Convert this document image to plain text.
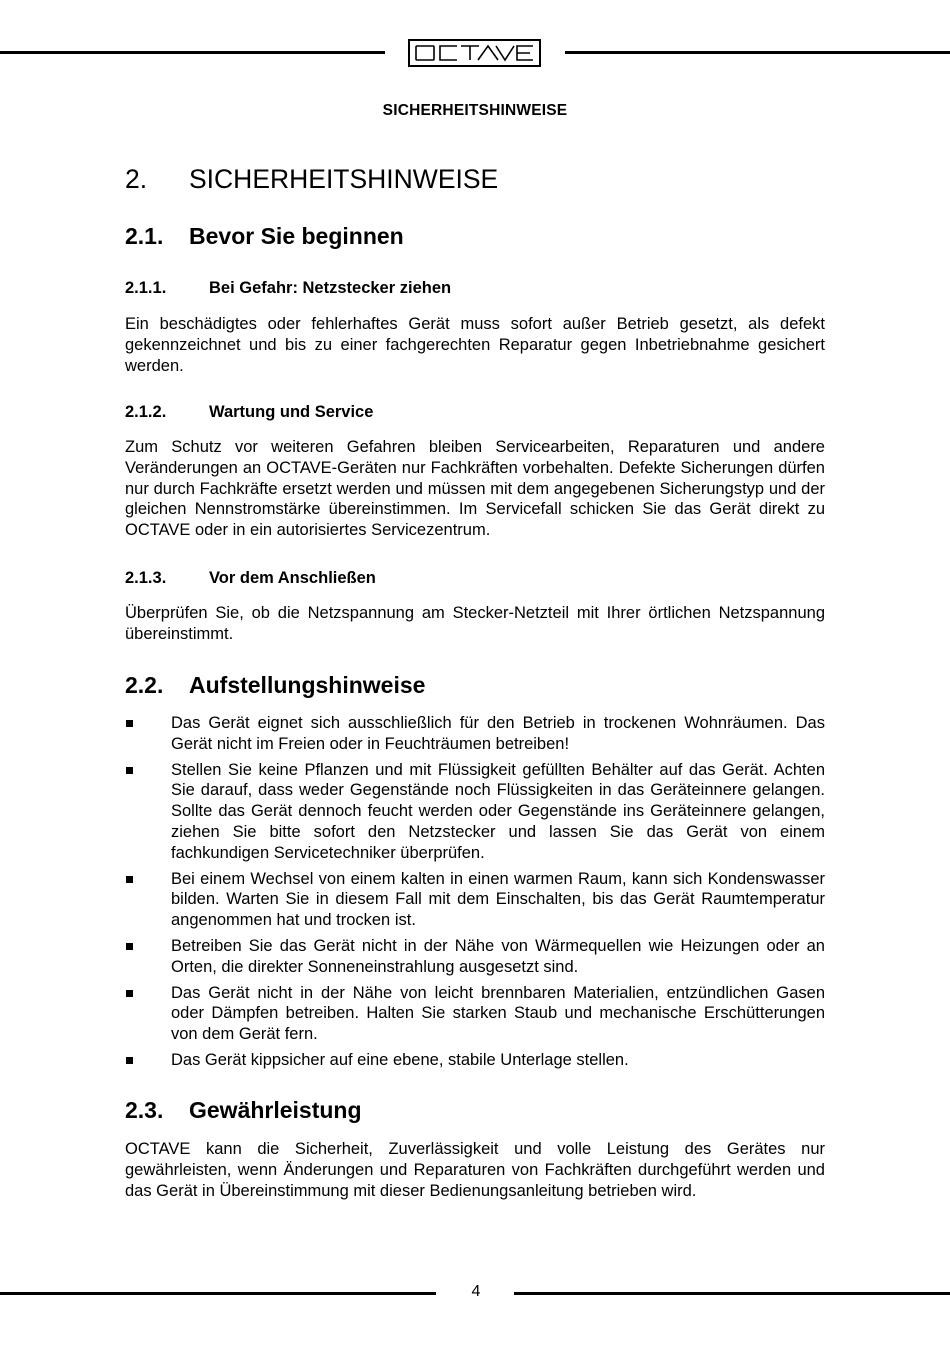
SICHERHEITSHINWEISE
2. SICHERHEITSHINWEISE
2.1. Bevor Sie beginnen
2.1.1.	Bei Gefahr: Netzstecker ziehen
Ein beschädigtes oder fehlerhaftes Gerät muss sofort außer Betrieb gesetzt, als defekt gekennzeichnet und bis zu einer fachgerechten Reparatur gegen Inbetriebnahme gesichert werden.
2.1.2.	Wartung und Service
Zum Schutz vor weiteren Gefahren bleiben Servicearbeiten, Reparaturen und andere Veränderungen an OCTAVE-Geräten nur Fachkräften vorbehalten. Defekte Sicherungen dürfen nur durch Fachkräfte ersetzt werden und müssen mit dem angegebenen Sicherungstyp und der gleichen Nennstromstärke übereinstimmen. Im Servicefall schicken Sie das Gerät direkt zu OCTAVE oder in ein autorisiertes Servicezentrum.
2.1.3.	Vor dem Anschließen
Überprüfen Sie, ob die Netzspannung am Stecker-Netzteil mit Ihrer örtlichen Netzspannung übereinstimmt.
2.2. Aufstellungshinweise
Das Gerät eignet sich ausschließlich für den Betrieb in trockenen Wohnräumen. Das Gerät nicht im Freien oder in Feuchträumen betreiben!
Stellen Sie keine Pflanzen und mit Flüssigkeit gefüllten Behälter auf das Gerät. Achten Sie darauf, dass weder Gegenstände noch Flüssigkeiten in das Geräteinnere gelangen. Sollte das Gerät dennoch feucht werden oder Gegenstände ins Geräteinnere gelangen, ziehen Sie bitte sofort den Netzstecker und lassen Sie das Gerät von einem fachkundigen Servicetechniker überprüfen.
Bei einem Wechsel von einem kalten in einen warmen Raum, kann sich Kondenswasser bilden. Warten Sie in diesem Fall mit dem Einschalten, bis das Gerät Raumtemperatur angenommen hat und trocken ist.
Betreiben Sie das Gerät nicht in der Nähe von Wärmequellen wie Heizungen oder an Orten, die direkter Sonneneinstrahlung ausgesetzt sind.
Das Gerät nicht in der Nähe von leicht brennbaren Materialien, entzündlichen Gasen oder Dämpfen betreiben. Halten Sie starken Staub und mechanische Erschütterungen von dem Gerät fern.
Das Gerät kippsicher auf eine ebene, stabile Unterlage stellen.
2.3. Gewährleistung
OCTAVE kann die Sicherheit, Zuverlässigkeit und volle Leistung des Gerätes nur gewährleisten, wenn Änderungen und Reparaturen von Fachkräften durchgeführt werden und das Gerät in Übereinstimmung mit dieser Bedienungsanleitung betrieben wird.
4
